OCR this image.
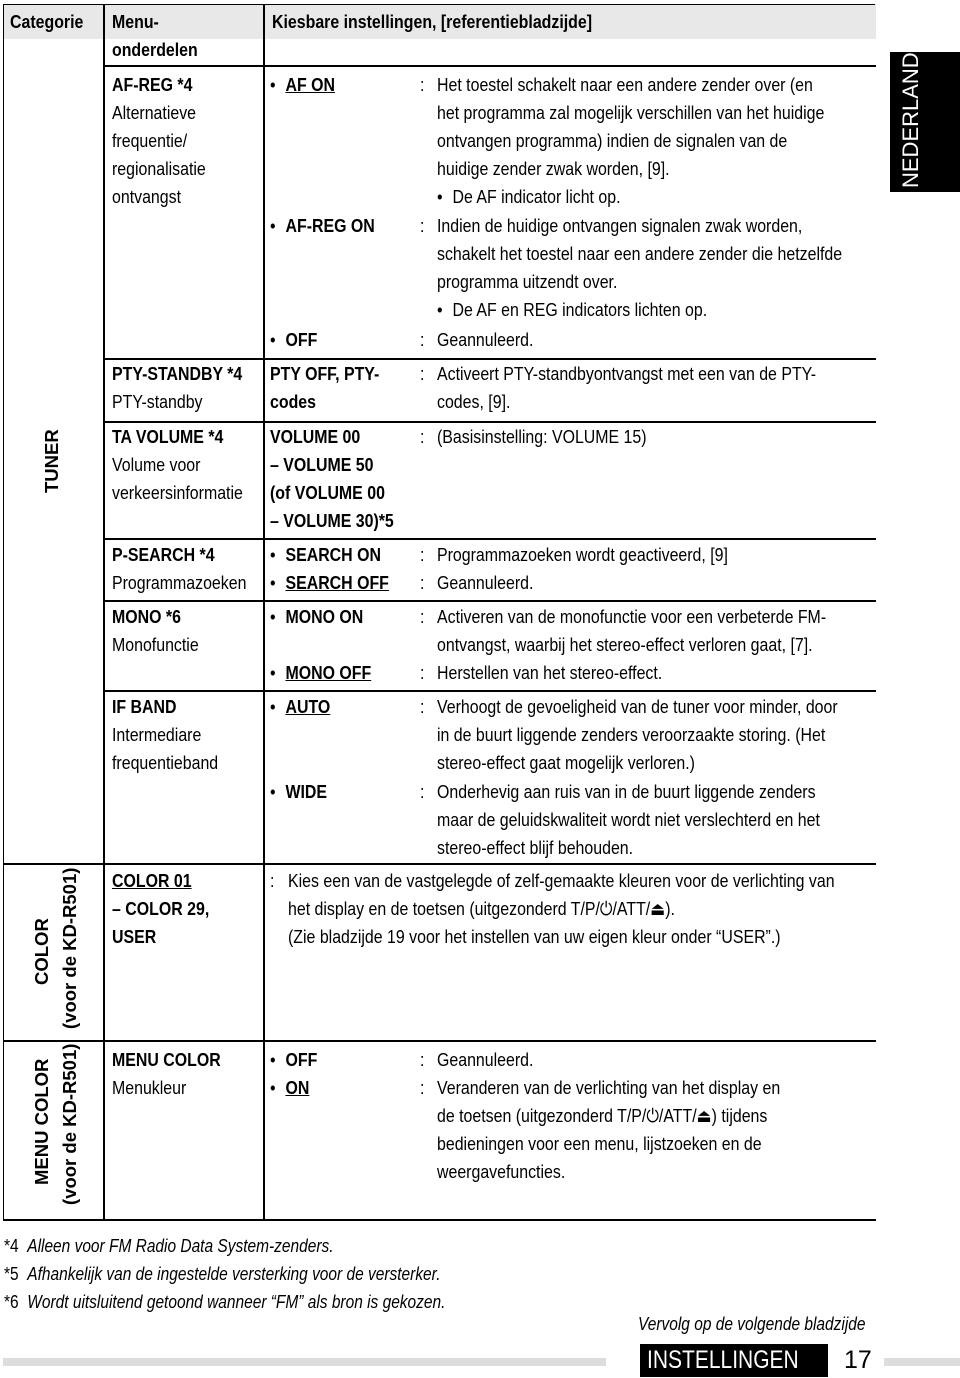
Categorie Menu-
onderdelen
Kiesbare instellingen, [referentiebladzijde]
NEDERLANDS
TUNER
COLOR (voor de KD-R501)
MENU COLOR (voor de KD-R501)
AF-REG *4
Alternatieve
frequentie/
regionalisatie
ontvangst
PTY-STANDBY *4
PTY-standby
TA VOLUME *4
Volume voor
verkeersinformatie
P-SEARCH *4
Programmazoeken
MONO *6
Monofunctie
IF BAND
Intermediare
frequentieband
COLOR 01
– COLOR 29,
USER
MENU COLOR
Menukleur
• AF ON
• AF-REG ON
• OFF
PTY OFF, PTY-
codes
VOLUME 00
– VOLUME 50
(of VOLUME 00
– VOLUME 30)*5
• SEARCH ON
• SEARCH OFF
• MONO ON
• MONO OFF
• AUTO
• WIDE
• OFF
• ON
:
:
:
:
:
:
:
:
:
:
:
:
:
:
Het toestel schakelt naar een andere zender over (en
het programma zal mogelijk verschillen van het huidige
ontvangen programma) indien de signalen van de
huidige zender zwak worden, [9].
• De AF indicator licht op.
Indien de huidige ontvangen signalen zwak worden,
schakelt het toestel naar een andere zender die hetzelfde
programma uitzendt over.
• De AF en REG indicators lichten op.
Geannuleerd.
Activeert PTY-standbyontvangst met een van de PTY-
codes, [9].
(Basisinstelling: VOLUME 15)
Programmazoeken wordt geactiveerd, [9]
Geannuleerd.
Activeren van de monofunctie voor een verbeterde FM-
ontvangst, waarbij het stereo-effect verloren gaat, [7].
Herstellen van het stereo-effect.
Verhoogt de gevoeligheid van de tuner voor minder, door
in de buurt liggende zenders veroorzaakte storing. (Het
stereo-effect gaat mogelijk verloren.)
Onderhevig aan ruis van in de buurt liggende zenders
maar de geluidskwaliteit wordt niet verslechterd en het
stereo-effect blijf behouden.
Kies een van de vastgelegde of zelf-gemaakte kleuren voor de verlichting van
het display en de toetsen (uitgezonderd T/P/⏻/ATT/⏏).
(Zie bladzijde 19 voor het instellen van uw eigen kleur onder “USER”.)
Geannuleerd.
Veranderen van de verlichting van het display en
de toetsen (uitgezonderd T/P/⏻/ATT/⏏) tijdens
bedieningen voor een menu, lijstzoeken en de
weergavefuncties.
*4 Alleen voor FM Radio Data System-zenders.
*5 Afhankelijk van de ingestelde versterking voor de versterker.
*6 Wordt uitsluitend getoond wanneer “FM” als bron is gekozen.
Vervolg op de volgende bladzijde
INSTELLINGEN 17
